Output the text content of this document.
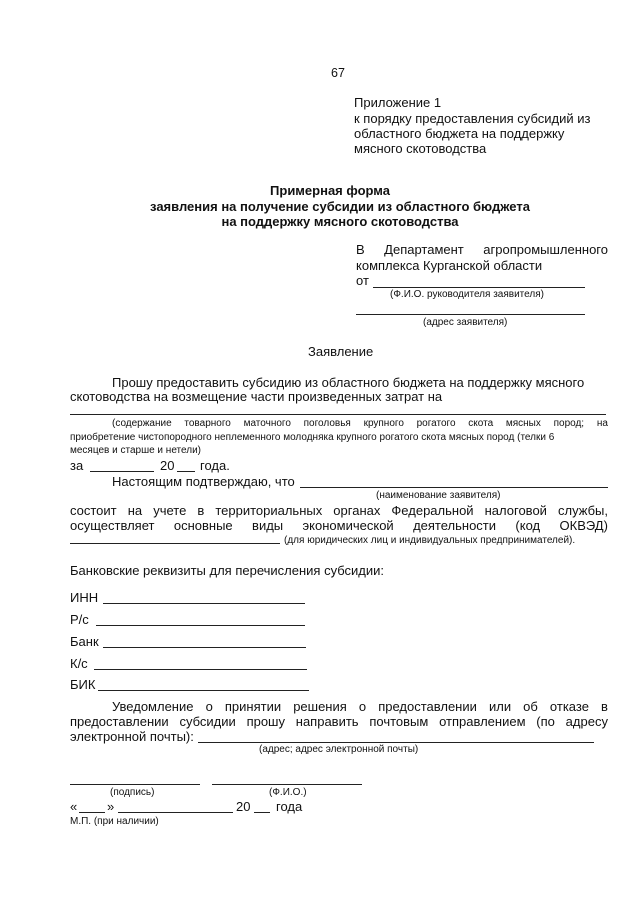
67
Приложение 1
к порядку предоставления субсидий из
областного бюджета на поддержку
мясного скотоводства
Примерная форма
заявления на получение субсидии из областного бюджета
на поддержку мясного скотоводства
В Департамент агропромышленного
комплекса Курганской области
от
(Ф.И.О. руководителя заявителя)
(адрес заявителя)
Заявление
Прошу предоставить субсидию из областного бюджета на поддержку мясного
скотоводства на возмещение части произведенных затрат на
(содержание товарного маточного поголовья крупного рогатого скота мясных пород; на
приобретение чистопородного неплеменного молодняка крупного рогатого скота мясных пород (телки 6
месяцев и старше и нетели)
за	20 года.
Настоящим подтверждаю, что
(наименование заявителя)
состоит на учете в территориальных органах Федеральной налоговой службы,
осуществляет основные виды экономической деятельности (код ОКВЭД)
(для юридических лиц и индивидуальных предпринимателей).
Банковские реквизиты для перечисления субсидии:
ИНН
Р/с
Банк
К/с
БИК
Уведомление о принятии решения о предоставлении или об отказе в
предоставлении субсидии прошу направить почтовым отправлением (по адресу
электронной почты):
(адрес; адрес электронной почты)
(подпись)	(Ф.И.О.)
« »	20 года
М.П. (при наличии)
